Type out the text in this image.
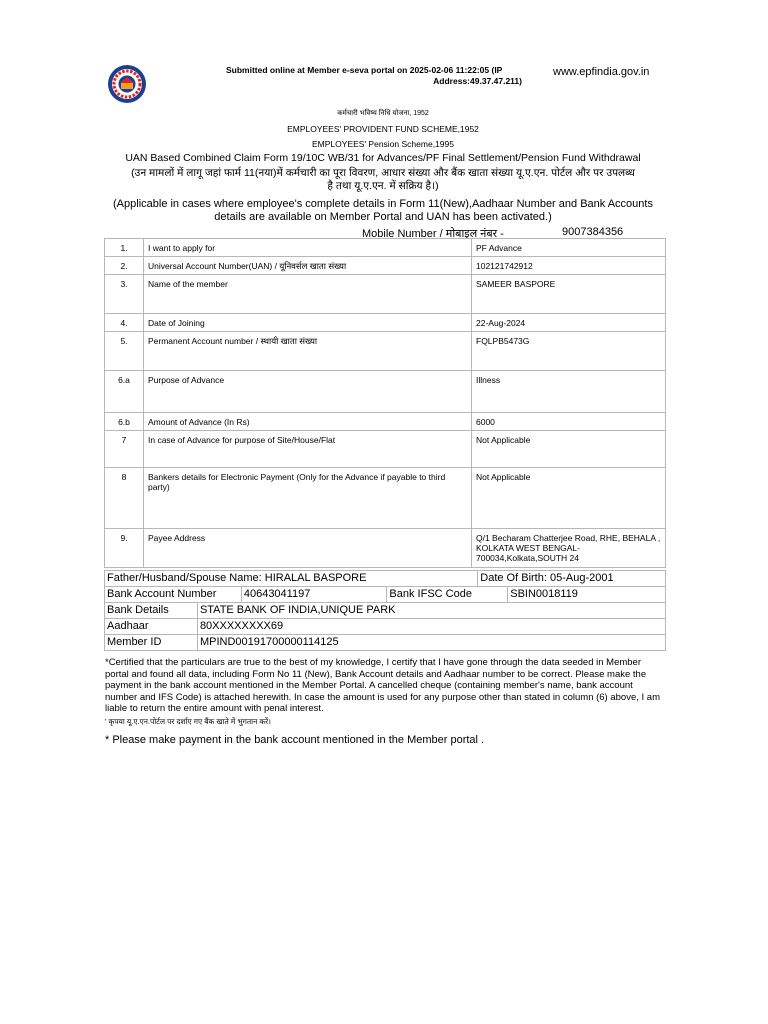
Submitted online at Member e-seva portal on 2025-02-06 11:22:05 (IP
Address:49.37.47.211)
www.epfindia.gov.in
कर्मचारी भविष्य निधि योजना, 1952
EMPLOYEES' PROVIDENT FUND SCHEME,1952
EMPLOYEES' Pension Scheme,1995
UAN Based Combined Claim Form 19/10C WB/31 for Advances/PF Final Settlement/Pension Fund Withdrawal
(उन मामलों में लागू जहां फार्म 11(नया)में कर्मचारी का पूरा विवरण, आधार संख्या और बैंक खाता संख्या यू.ए.एन. पोर्टल और पर उपलब्ध है तथा यू.ए.एन. में सक्रिय है।)
(Applicable in cases where employee's complete details in Form 11(New),Aadhaar Number and Bank Accounts details are available on Member Portal and UAN has been activated.)
Mobile Number / मोबाइल नंबर -	9007384356
1.	I want to apply for	PF Advance
2.	Universal Account Number(UAN) / यूनिवर्सल खाता संख्या	102121742912
3.	Name of the member	SAMEER BASPORE
4.	Date of Joining	22-Aug-2024
5.	Permanent Account number / स्थायी खाता संख्या	FQLPB5473G
6.a	Purpose of Advance	Illness
6.b	Amount of Advance (In Rs)	6000
7	In case of Advance for purpose of Site/House/Flat	Not Applicable
8	Bankers details for Electronic Payment (Only for the Advance if payable to third party)	Not Applicable
9.	Payee Address	Q/1 Becharam Chatterjee Road, RHE, BEHALA , KOLKATA WEST BENGAL-700034,Kolkata,SOUTH 24
Father/Husband/Spouse Name: HIRALAL BASPORE				Date Of Birth: 05-Aug-2001	
Bank Account Number		40643041197	Bank IFSC Code		SBIN0018119
Bank Details	STATE BANK OF INDIA,UNIQUE PARK				
Aadhaar	80XXXXXXXX69				
Member ID	MPIND00191700000114125				
*Certified that the particulars are true to the best of my knowledge, I certify that I have gone through the data seeded in Member portal and found all data, including Form No 11 (New), Bank Account details and Aadhaar number to be correct. Please make the payment in the bank account mentioned in the Member Portal. A cancelled cheque (containing member's name, bank account number and IFS Code) is attached herewith. In case the amount is used for any purpose other than stated in column (6) above, I am liable to return the entire amount with penal interest.
' कृपया यू.ए.एन.पोर्टल पर दर्शाए गए बैंक खाते में भुगतान करें।
* Please make payment in the bank account mentioned in the Member portal .
